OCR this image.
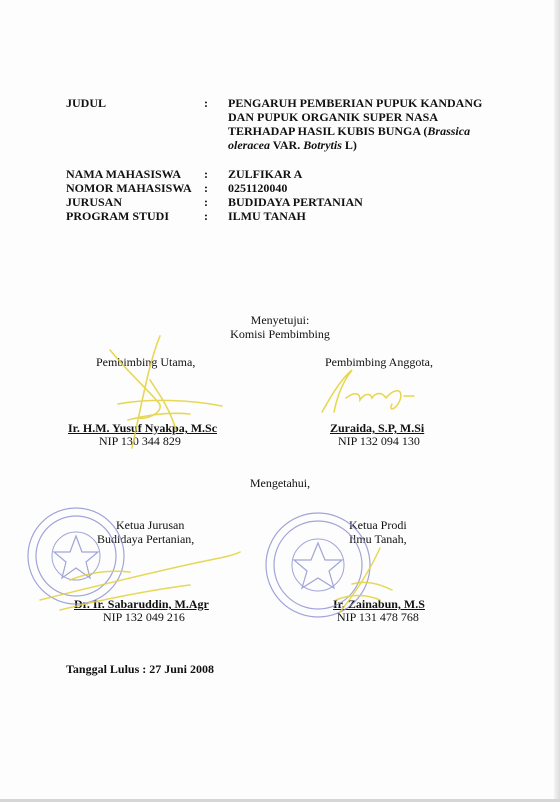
JUDUL	: PENGARUH PEMBERIAN PUPUK KANDANG
DAN PUPUK ORGANIK SUPER NASA
TERHADAP HASIL KUBIS BUNGA (Brassica
oleracea VAR. Botrytis L)
NAMA MAHASISWA : ZULFIKAR A
NOMOR MAHASISWA : 0251120040
JURUSAN	: BUDIDAYA PERTANIAN
PROGRAM STUDI	: ILMU TANAH
Menyetujui:
Komisi Pembimbing
Pembimbing Utama,	Pembimbing Anggota,
Ir. H.M. Yusuf Nyakpa, M.Sc
NIP 130 344 829
Zuraida, S.P, M.Si
NIP 132 094 130
Mengetahui,
Ketua Jurusan
Budidaya Pertanian,
Dr. Ir. Sabaruddin, M.Agr
NIP 132 049 216
Ketua Prodi
Ilmu Tanah,
Ir. Zainabun, M.S
NIP 131 478 768
Tanggal Lulus : 27 Juni 2008
